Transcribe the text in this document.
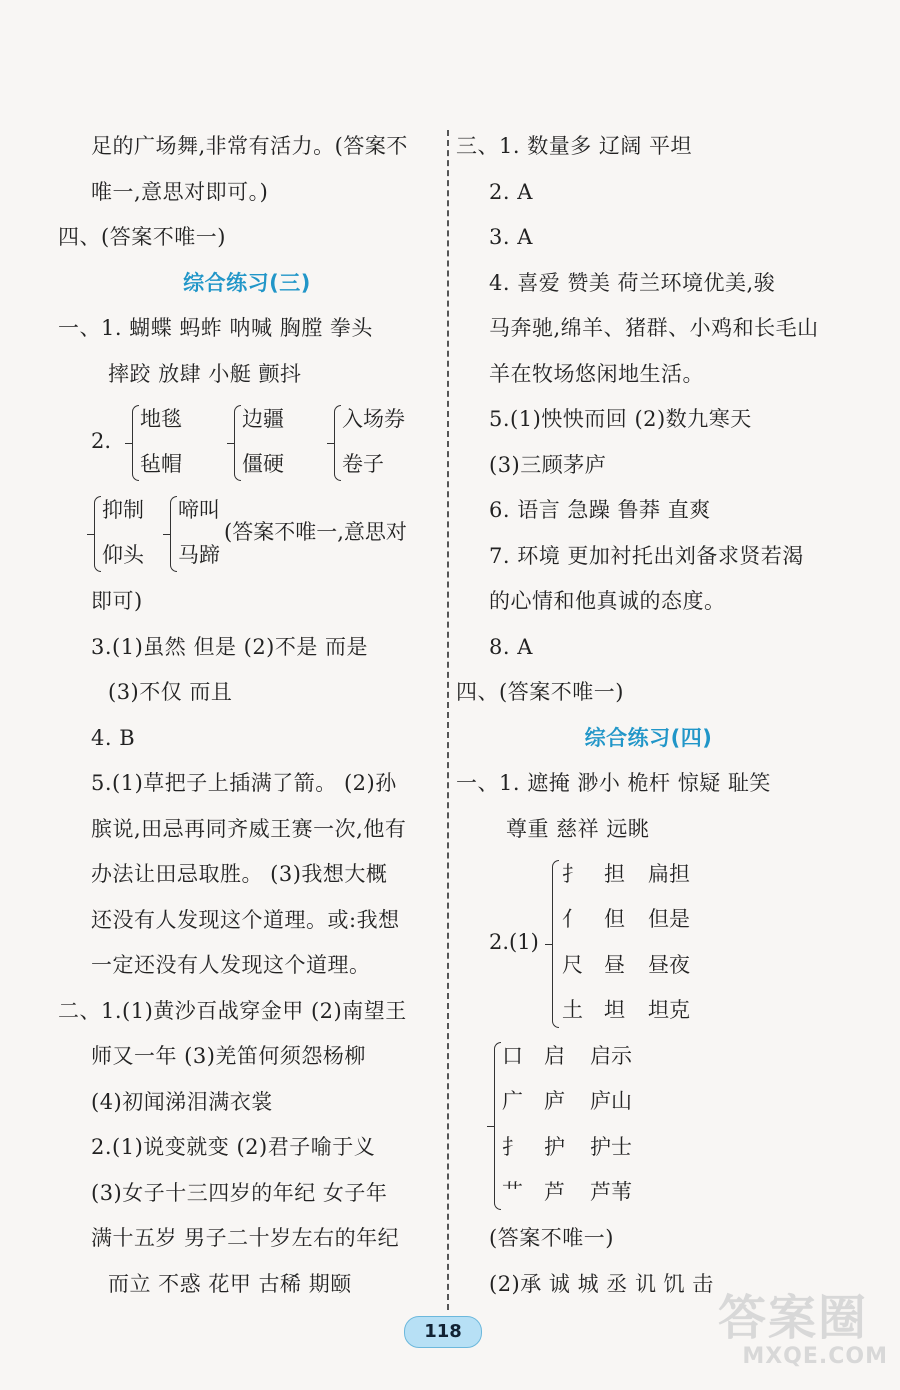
足的广场舞,非常有活力。(答案不
唯一,意思对即可。)
四、(答案不唯一)
综合练习(三)
一、1. 蝴蝶 蚂蚱 呐喊 胸膛 拳头
摔跤 放肆 小艇 颤抖
2.
地毯
毡帽
边疆
僵硬
入场券
卷子
抑制
仰头
啼叫
马蹄
(答案不唯一,意思对
即可)
3.(1)虽然 但是 (2)不是 而是
(3)不仅 而且
4. B
5.(1)草把子上插满了箭。 (2)孙
膑说,田忌再同齐威王赛一次,他有
办法让田忌取胜。 (3)我想大概
还没有人发现这个道理。或:我想
一定还没有人发现这个道理。
二、1.(1)黄沙百战穿金甲 (2)南望王
师又一年 (3)羌笛何须怨杨柳
(4)初闻涕泪满衣裳
2.(1)说变就变 (2)君子喻于义
(3)女子十三四岁的年纪 女子年
满十五岁 男子二十岁左右的年纪
而立 不惑 花甲 古稀 期颐
三、1. 数量多 辽阔 平坦
2. A
3. A
4. 喜爱 赞美 荷兰环境优美,骏
马奔驰,绵羊、猪群、小鸡和长毛山
羊在牧场悠闲地生活。
5.(1)怏怏而回 (2)数九寒天
(3)三顾茅庐
6. 语言 急躁 鲁莽 直爽
7. 环境 更加衬托出刘备求贤若渴
的心情和他真诚的态度。
8. A
四、(答案不唯一)
综合练习(四)
一、1. 遮掩 渺小 桅杆 惊疑 耻笑
尊重 慈祥 远眺
2.(1)
扌 担 扁担
亻 但 但是
尺 昼 昼夜
土 坦 坦克
口 启 启示
广 庐 庐山
扌 护 护士
艹 芦 芦苇
(答案不唯一)
(2)承 诚 城 丞 讥 饥 击
118	答案圈
MXQE.COM
